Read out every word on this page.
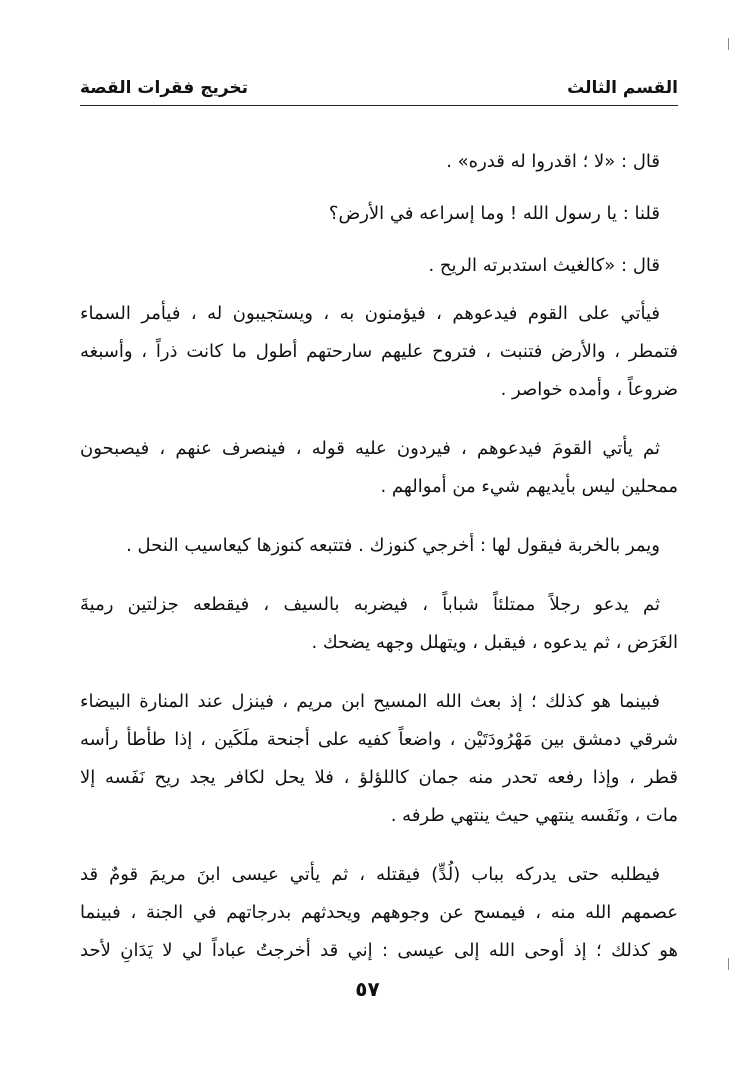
القسم الثالث
تخريج فقرات القصة

قال : «لا ؛ اقدروا له قدره» .

قلنا : يا رسول الله ! وما إسراعه في الأرض؟

قال : «كالغيث استدبرته الريح .

فيأتي على القوم فيدعوهم ، فيؤمنون به ، ويستجيبون له ، فيأمر السماء
فتمطر ، والأرض فتنبت ، فتروح عليهم سارحتهم أطول ما كانت ذراً ، وأسبغه
ضروعاً ، وأمده خواصر .

ثم يأتي القومَ فيدعوهم ، فيردون عليه قوله ، فينصرف عنهم ، فيصبحون
ممحلين ليس بأيديهم شيء من أموالهم .

ويمر بالخربة فيقول لها : أخرجي كنوزك . فتتبعه كنوزها كيعاسيب النحل .

ثم يدعو رجلاً ممتلئاً شباباً ، فيضربه بالسيف ، فيقطعه جزلتين رميةَ
الغَرَض ، ثم يدعوه ، فيقبل ، ويتهلل وجهه يضحك .

فبينما هو كذلك ؛ إذ بعث الله المسيح ابن مريم ، فينزل عند المنارة البيضاء
شرقي دمشق بين مَهْرُودَتَيْن ، واضعاً كفيه على أجنحة ملَكَين ، إذا طأطأ رأسه
قطر ، وإذا رفعه تحدر منه جمان كاللؤلؤ ، فلا يحل لكافر يجد ريح نَفَسه إلا
مات ، ونَفَسه ينتهي حيث ينتهي طرفه .

فيطلبه حتى يدركه بباب (لُدٍّ) فيقتله ، ثم يأتي عيسى ابنَ مريمَ قومٌ قد
عصمهم الله منه ، فيمسح عن وجوههم ويحدثهم بدرجاتهم في الجنة ، فبينما
هو كذلك ؛ إذ أوحى الله إلى عيسى : إني قد أخرجتُ عباداً لي لا يَدَانِ لأحد

٥٧
